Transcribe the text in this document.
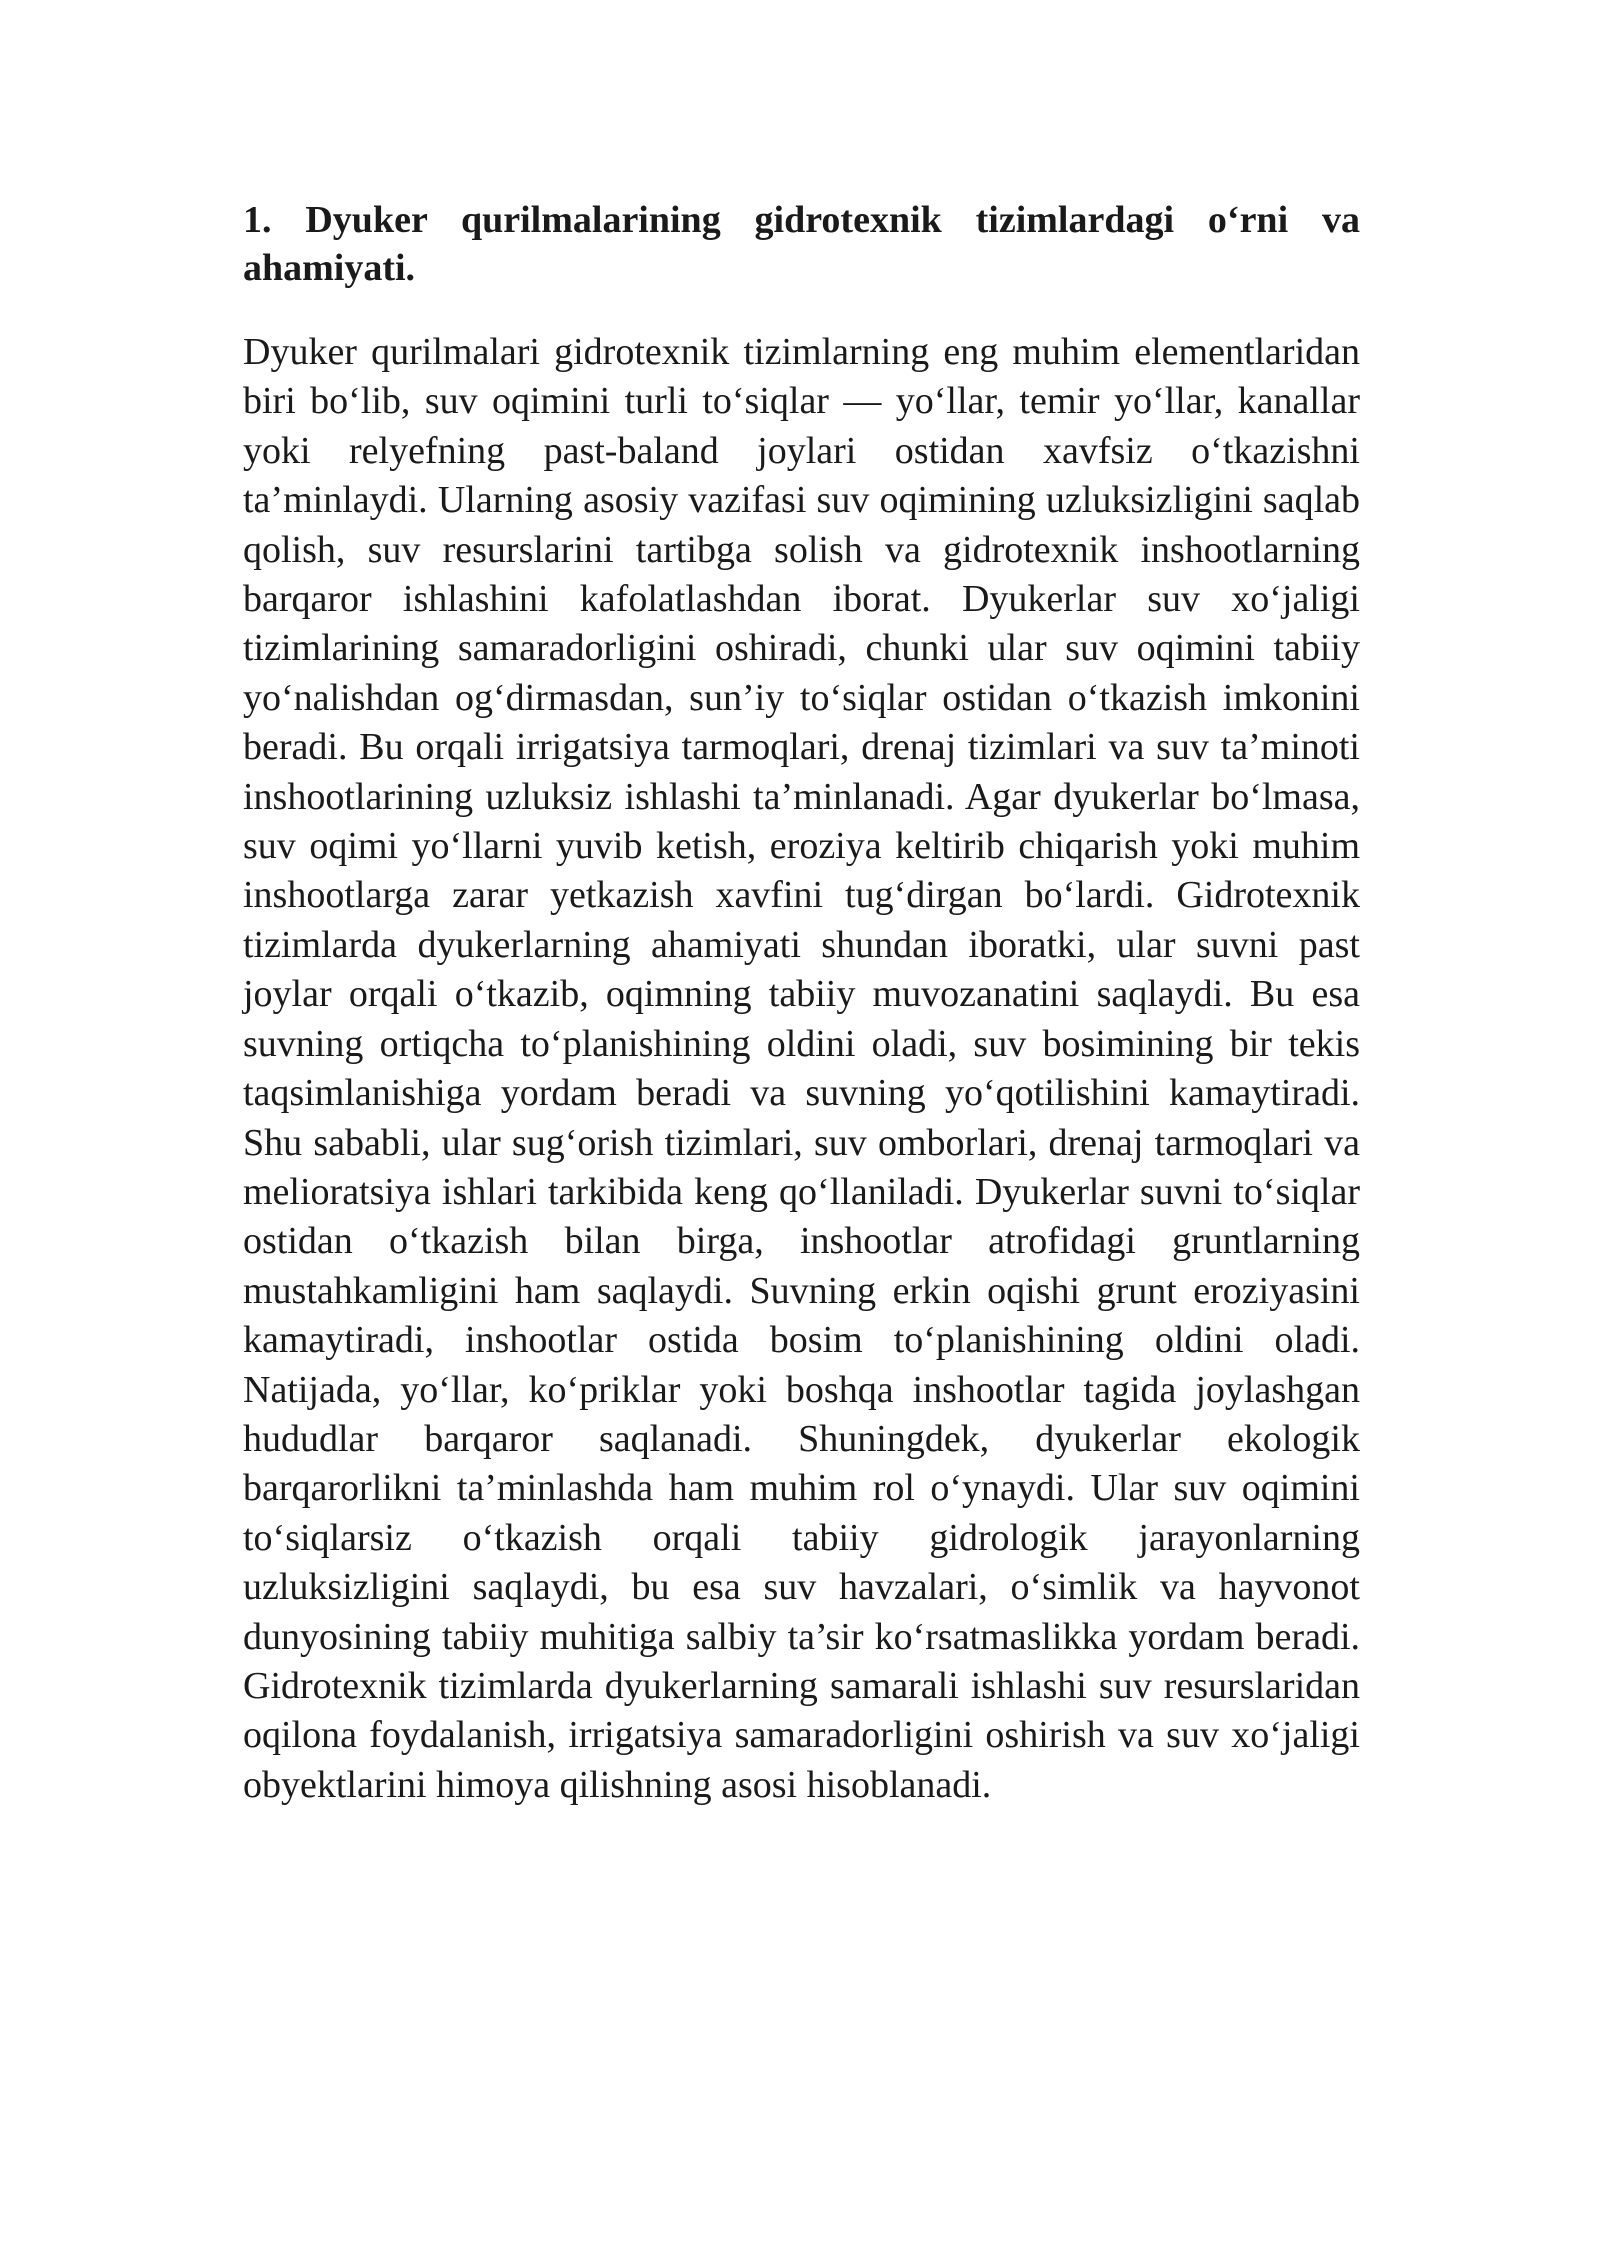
1. Dyuker qurilmalarining gidrotexnik tizimlardagi o‘rni va ahamiyati.

Dyuker qurilmalari gidrotexnik tizimlarning eng muhim elementlaridan biri bo‘lib, suv oqimini turli to‘siqlar — yo‘llar, temir yo‘llar, kanallar yoki relyefning past-baland joylari ostidan xavfsiz o‘tkazishni ta’minlaydi. Ularning asosiy vazifasi suv oqimining uzluksizligini saqlab qolish, suv resurslarini tartibga solish va gidrotexnik inshootlarning barqaror ishlashini kafolatlashdan iborat. Dyukerlar suv xo‘jaligi tizimlarining samaradorligini oshiradi, chunki ular suv oqimini tabiiy yo‘nalishdan og‘dirmasdan, sun’iy to‘siqlar ostidan o‘tkazish imkonini beradi. Bu orqali irrigatsiya tarmoqlari, drenaj tizimlari va suv ta’minoti inshootlarining uzluksiz ishlashi ta’minlanadi. Agar dyukerlar bo‘lmasa, suv oqimi yo‘llarni yuvib ketish, eroziya keltirib chiqarish yoki muhim inshootlarga zarar yetkazish xavfini tug‘dirgan bo‘lardi. Gidrotexnik tizimlarda dyukerlarning ahamiyati shundan iboratki, ular suvni past joylar orqali o‘tkazib, oqimning tabiiy muvozanatini saqlaydi. Bu esa suvning ortiqcha to‘planishining oldini oladi, suv bosimining bir tekis taqsimlanishiga yordam beradi va suvning yo‘qotilishini kamaytiradi. Shu sababli, ular sug‘orish tizimlari, suv omborlari, drenaj tarmoqlari va melioratsiya ishlari tarkibida keng qo‘llaniladi. Dyukerlar suvni to‘siqlar ostidan o‘tkazish bilan birga, inshootlar atrofidagi gruntlarning mustahkamligini ham saqlaydi. Suvning erkin oqishi grunt eroziyasini kamaytiradi, inshootlar ostida bosim to‘planishining oldini oladi. Natijada, yo‘llar, ko‘priklar yoki boshqa inshootlar tagida joylashgan hududlar barqaror saqlanadi. Shuningdek, dyukerlar ekologik barqarorlikni ta’minlashda ham muhim rol o‘ynaydi. Ular suv oqimini to‘siqlarsiz o‘tkazish orqali tabiiy gidrologik jarayonlarning uzluksizligini saqlaydi, bu esa suv havzalari, o‘simlik va hayvonot dunyosining tabiiy muhitiga salbiy ta’sir ko‘rsatmaslikka yordam beradi. Gidrotexnik tizimlarda dyukerlarning samarali ishlashi suv resurslaridan oqilona foydalanish, irrigatsiya samaradorligini oshirish va suv xo‘jaligi obyektlarini himoya qilishning asosi hisoblanadi.
